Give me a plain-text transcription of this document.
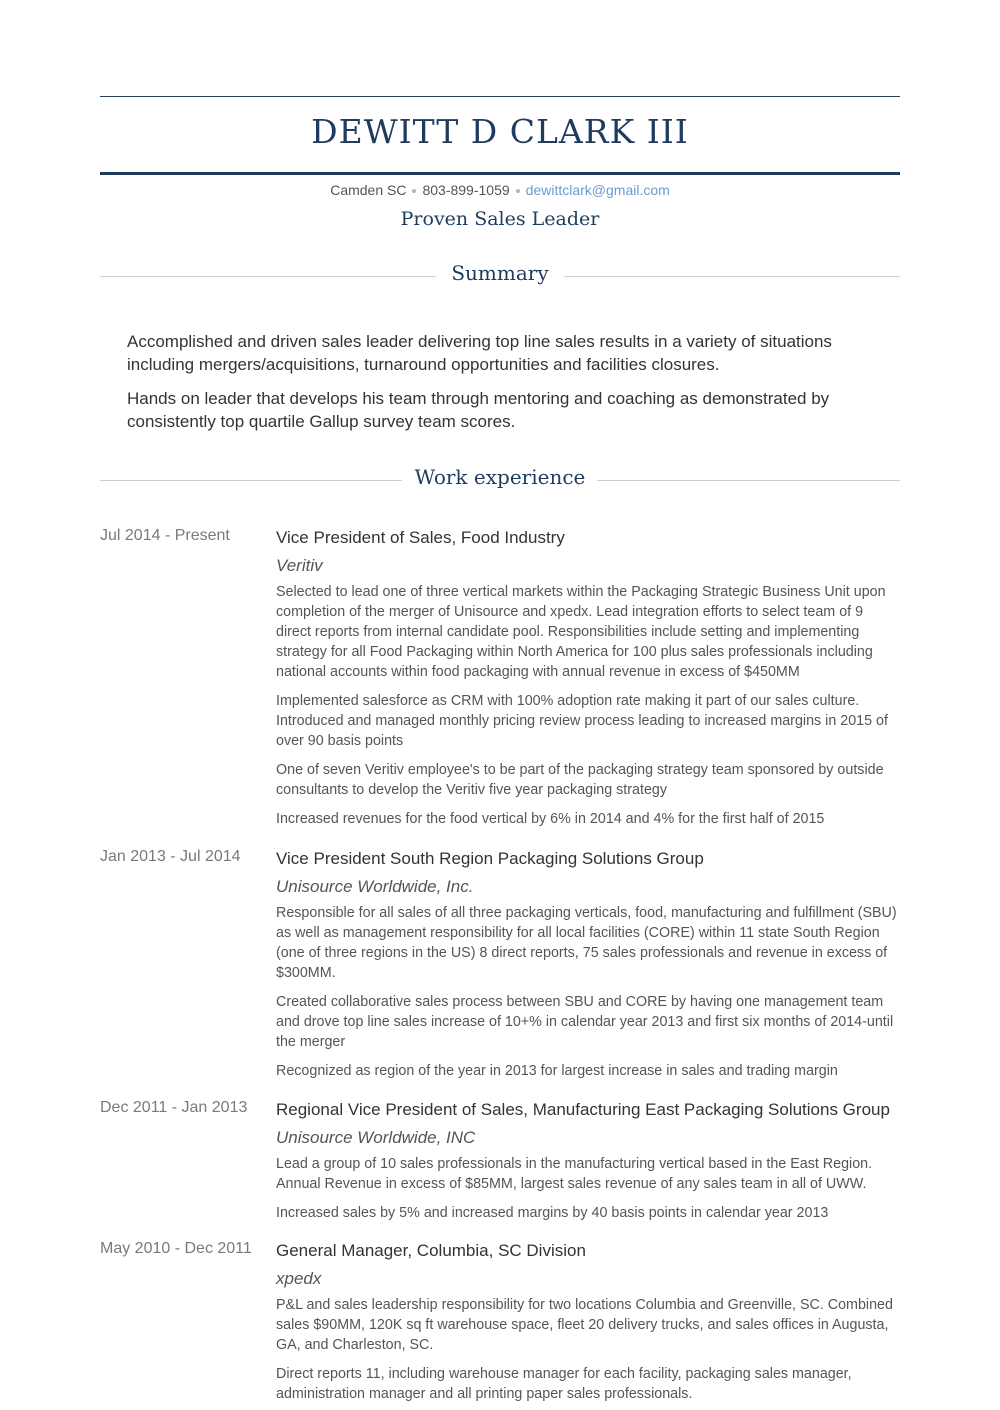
DEWITT D CLARK III
Camden SC 803-899-1059 dewittclark@gmail.com
Proven Sales Leader
Summary

Accomplished and driven sales leader delivering top line sales results in a variety of situations including mergers/acquisitions, turnaround opportunities and facilities closures.

Hands on leader that develops his team through mentoring and coaching as demonstrated by consistently top quartile Gallup survey team scores.

Work experience
Jul 2014 - Present	Vice President of Sales, Food Industry
Veritiv

Selected to lead one of three vertical markets within the Packaging Strategic Business Unit upon completion of the merger of Unisource and xpedx. Lead integration efforts to select team of 9 direct reports from internal candidate pool. Responsibilities include setting and implementing strategy for all Food Packaging within North America for 100 plus sales professionals including national accounts within food packaging with annual revenue in excess of $450MM

Implemented salesforce as CRM with 100% adoption rate making it part of our sales culture. Introduced and managed monthly pricing review process leading to increased margins in 2015 of over 90 basis points

One of seven Veritiv employee's to be part of the packaging strategy team sponsored by outside consultants to develop the Veritiv five year packaging strategy

Increased revenues for the food vertical by 6% in 2014 and 4% for the first half of 2015

Jan 2013 - Jul 2014	Vice President South Region Packaging Solutions Group
Unisource Worldwide, Inc.

Responsible for all sales of all three packaging verticals, food, manufacturing and fulfillment (SBU) as well as management responsibility for all local facilities (CORE) within 11 state South Region (one of three regions in the US) 8 direct reports, 75 sales professionals and revenue in excess of $300MM.

Created collaborative sales process between SBU and CORE by having one management team and drove top line sales increase of 10+% in calendar year 2013 and first six months of 2014-until the merger

Recognized as region of the year in 2013 for largest increase in sales and trading margin

Dec 2011 - Jan 2013	Regional Vice President of Sales, Manufacturing East Packaging Solutions Group
Unisource Worldwide, INC

Lead a group of 10 sales professionals in the manufacturing vertical based in the East Region. Annual Revenue in excess of $85MM, largest sales revenue of any sales team in all of UWW.

Increased sales by 5% and increased margins by 40 basis points in calendar year 2013

May 2010 - Dec 2011	General Manager, Columbia, SC Division
xpedx

P&L and sales leadership responsibility for two locations Columbia and Greenville, SC. Combined sales $90MM, 120K sq ft warehouse space, fleet 20 delivery trucks, and sales offices in Augusta, GA, and Charleston, SC.

Direct reports 11, including warehouse manager for each facility, packaging sales manager, administration manager and all printing paper sales professionals.
